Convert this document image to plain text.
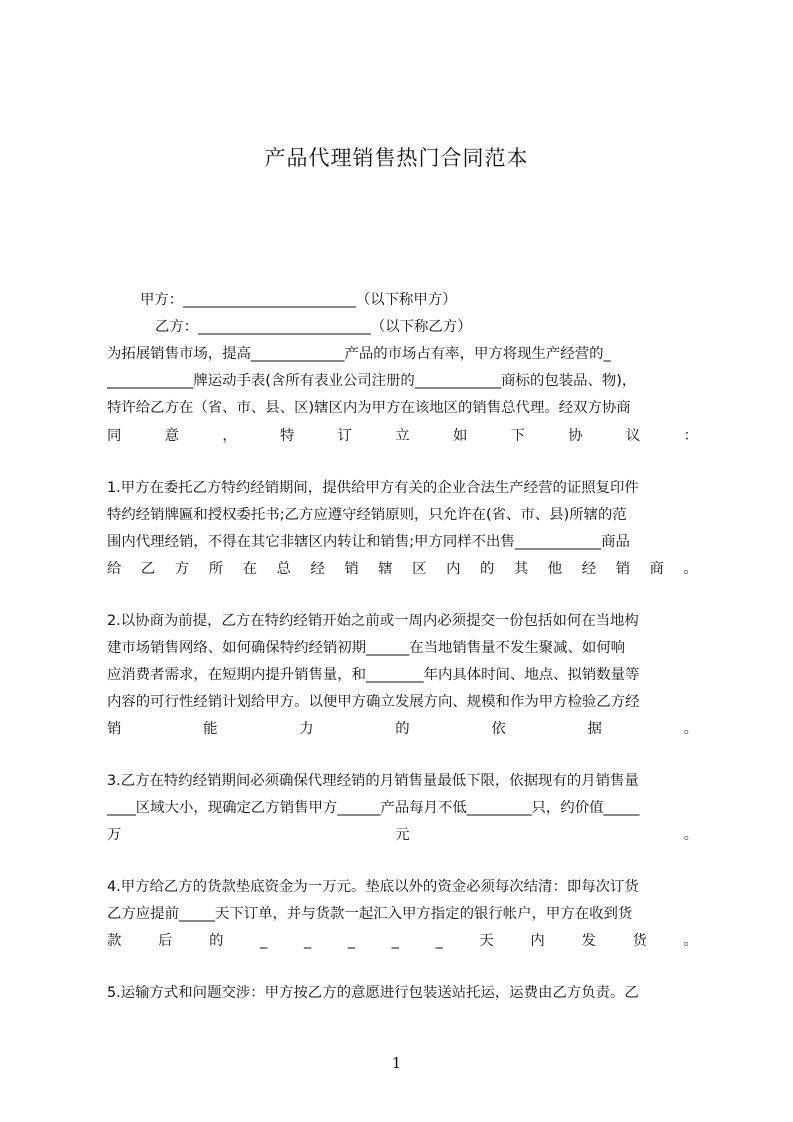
产品代理销售热门合同范本
甲方：________________________（以下称甲方）
乙方：________________________（以下称乙方）
为拓展销售市场，提高_____________产品的市场占有率，甲方将现生产经营的_
____________牌运动手表(含所有表业公司注册的____________商标的包装品、物)，
特许给乙方在（省、市、县、区)辖区内为甲方在该地区的销售总代理。经双方协商
同	意	，	特	订	立	如	下	协	议	：
1.甲方在委托乙方特约经销期间，提供给甲方有关的企业合法生产经营的证照复印件
特约经销牌匾和授权委托书;乙方应遵守经销原则，只允许在(省、市、县)所辖的范
围内代理经销，不得在其它非辖区内转让和销售;甲方同样不出售____________商品
给 乙 方 所 在 总 经 销 辖 区 内 的 其 他 经 销 商 。
2.以协商为前提，乙方在特约经销开始之前或一周内必须提交一份包括如何在当地构
建市场销售网络、如何确保特约经销初期______在当地销售量不发生聚减、如何响
应消费者需求，在短期内提升销售量，和________年内具体时间、地点、拟销数量等
内容的可行性经销计划给甲方。以便甲方确立发展方向、规模和作为甲方检验乙方经
销	能	力	的	依	据	。
3.乙方在特约经销期间必须确保代理经销的月销售量最低下限，依据现有的月销售量
____区域大小，现确定乙方销售甲方______产品每月不低_________只，约价值_____
万	元	。
4.甲方给乙方的货款垫底资金为一万元。垫底以外的资金必须每次结清：即每次订货
乙方应提前_____天下订单，并与货款一起汇入甲方指定的银行帐户，甲方在收到货
款	后	的	_	_	_	_	_	天	内	发	货	。
5.运输方式和问题交涉：甲方按乙方的意愿进行包装送站托运，运费由乙方负责。乙
1
